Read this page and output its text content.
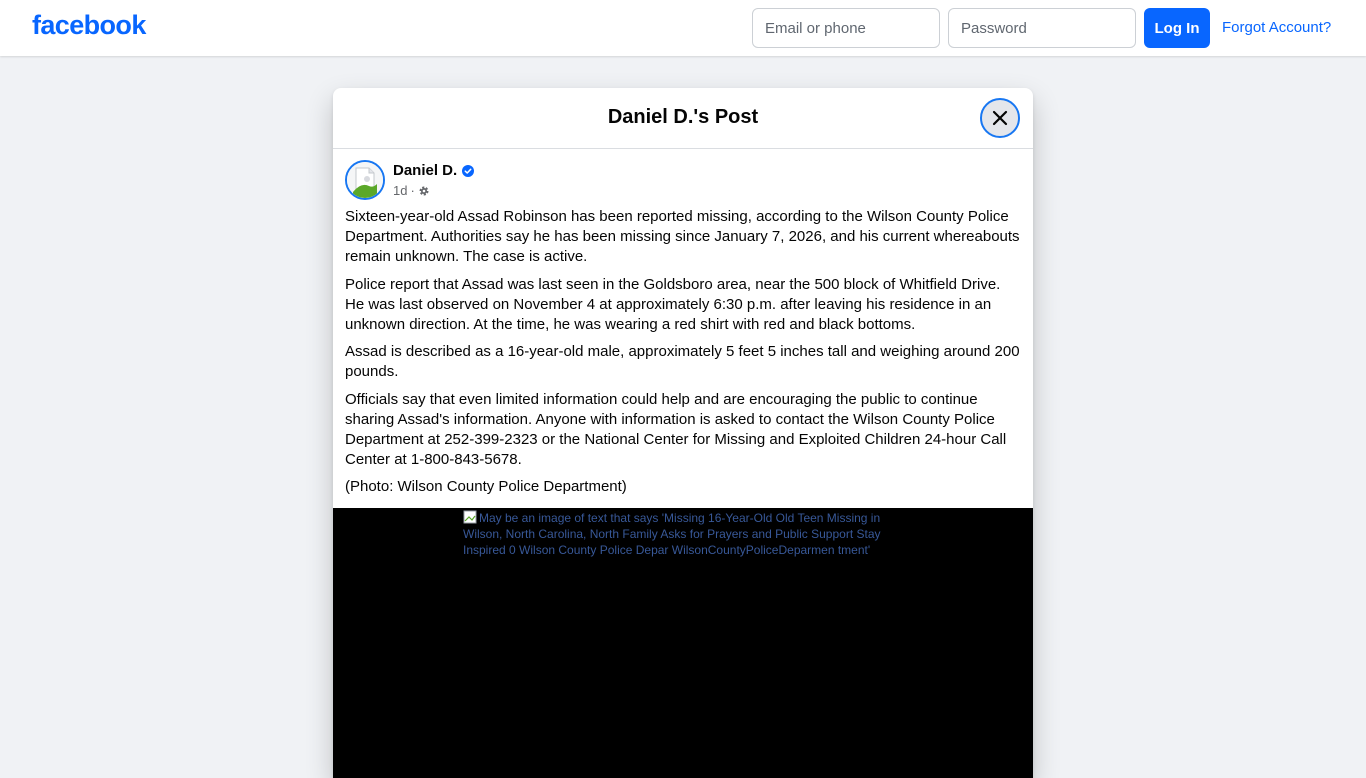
facebook
Email or phone	Log In	Forgot Account?
Daniel D.'s Post
Daniel D.
1d ·

Sixteen-year-old Assad Robinson has been reported missing, according to the Wilson County Police Department. Authorities say he has been missing since January 7, 2026, and his current whereabouts remain unknown. The case is active.

Police report that Assad was last seen in the Goldsboro area, near the 500 block of Whitfield Drive. He was last observed on November 4 at approximately 6:30 p.m. after leaving his residence in an unknown direction. At the time, he was wearing a red shirt with red and black bottoms.

Assad is described as a 16-year-old male, approximately 5 feet 5 inches tall and weighing around 200 pounds.

Officials say that even limited information could help and are encouraging the public to continue sharing Assad's information. Anyone with information is asked to contact the Wilson County Police Department at 252-399-2323 or the National Center for Missing and Exploited Children 24-hour Call Center at 1-800-843-5678.

(Photo: Wilson County Police Department)

May be an image of text that says 'Missing 16-Year-Old Old Teen Missing in Wilson, North Carolina, North Family Asks for Prayers and Public Support Stay Inspired 0 Wilson County Police Depar WilsonCountyPoliceDeparmen tment'
